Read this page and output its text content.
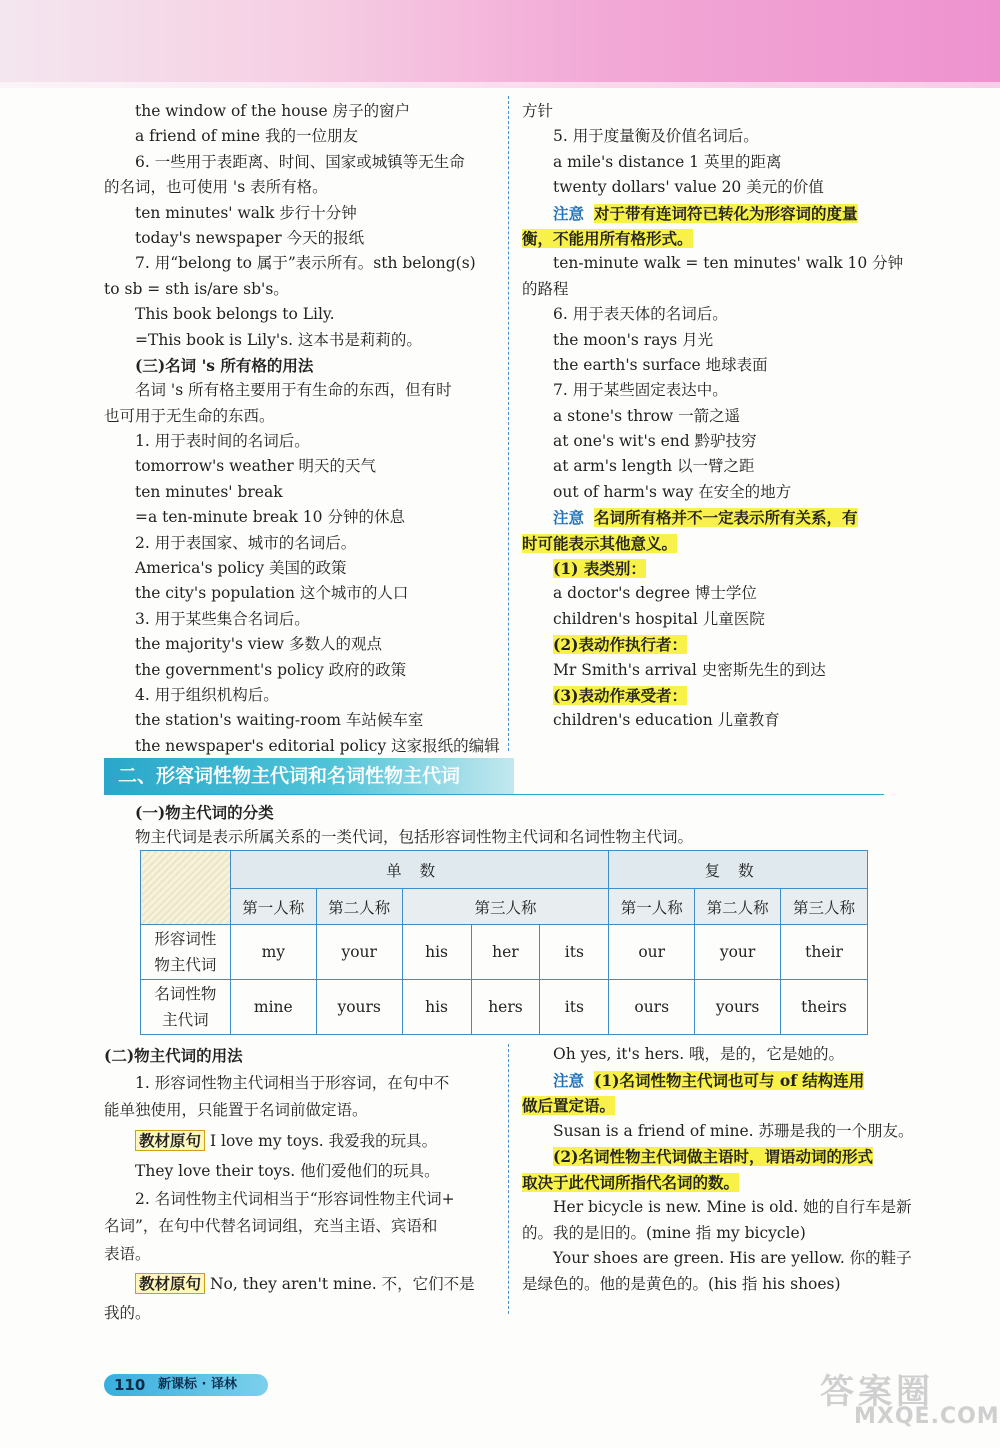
the window of the house 房子的窗户
a friend of mine 我的一位朋友
6. 一些用于表距离、时间、国家或城镇等无生命
的名词，也可使用 's 表所有格。
ten minutes' walk 步行十分钟
today's newspaper 今天的报纸
7. 用“belong to 属于”表示所有。sth belong(s)
to sb = sth is/are sb's。
This book belongs to Lily.
=This book is Lily's. 这本书是莉莉的。
(三)名词 's 所有格的用法
名词 's 所有格主要用于有生命的东西，但有时
也可用于无生命的东西。
1. 用于表时间的名词后。
tomorrow's weather 明天的天气
ten minutes' break
=a ten-minute break 10 分钟的休息
2. 用于表国家、城市的名词后。
America's policy 美国的政策
the city's population 这个城市的人口
3. 用于某些集合名词后。
the majority's view 多数人的观点
the government's policy 政府的政策
4. 用于组织机构后。
the station's waiting-room 车站候车室
the newspaper's editorial policy 这家报纸的编辑
方针
5. 用于度量衡及价值名词后。
a mile's distance 1 英里的距离
twenty dollars' value 20 美元的价值
注意 对于带有连词符已转化为形容词的度量
衡，不能用所有格形式。
ten-minute walk = ten minutes' walk 10 分钟
的路程
6. 用于表天体的名词后。
the moon's rays 月光
the earth's surface 地球表面
7. 用于某些固定表达中。
a stone's throw 一箭之遥
at one's wit's end 黔驴技穷
at arm's length 以一臂之距
out of harm's way 在安全的地方
注意 名词所有格并不一定表示所有关系，有
时可能表示其他意义。
(1) 表类别：
a doctor's degree 博士学位
children's hospital 儿童医院
(2)表动作执行者：
Mr Smith's arrival 史密斯先生的到达
(3)表动作承受者：
children's education 儿童教育
二、形容词性物主代词和名词性物主代词
(一)物主代词的分类
物主代词是表示所属关系的一类代词，包括形容词性物主代词和名词性物主代词。
	单数					复数		
	第一人称	第二人称	第三人称			第一人称	第二人称	第三人称
形容词性物主代词	my	your	his	her	its	our	your	their
名词性物主代词	mine	yours	his	hers	its	ours	yours	theirs
(二)物主代词的用法
1. 形容词性物主代词相当于形容词，在句中不
能单独使用，只能置于名词前做定语。
教材原句 I love my toys. 我爱我的玩具。
They love their toys. 他们爱他们的玩具。
2. 名词性物主代词相当于“形容词性物主代词+
名词”，在句中代替名词词组，充当主语、宾语和
表语。
教材原句 No, they aren't mine. 不，它们不是
我的。
Oh yes, it's hers. 哦，是的，它是她的。
注意 (1)名词性物主代词也可与 of 结构连用
做后置定语。
Susan is a friend of mine. 苏珊是我的一个朋友。
(2)名词性物主代词做主语时，谓语动词的形式
取决于此代词所指代名词的数。
Her bicycle is new. Mine is old. 她的自行车是新
的。我的是旧的。(mine 指 my bicycle)
Your shoes are green. His are yellow. 你的鞋子
是绿色的。他的是黄色的。(his 指 his shoes)
110 新课标 · 译林	答案圈
MXQE.COM
